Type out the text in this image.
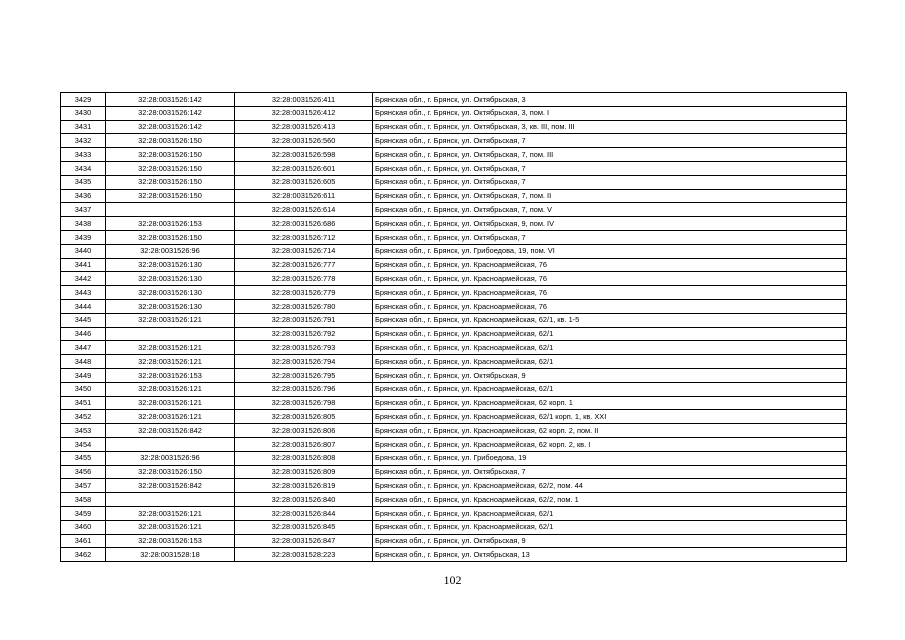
3429	32:28:0031526:142	32:28:0031526:411	Брянская обл., г. Брянск, ул. Октябрьская, 3
3430	32:28:0031526:142	32:28:0031526:412	Брянская обл., г. Брянск, ул. Октябрьская, 3, пом. I
3431	32:28:0031526:142	32:28:0031526:413	Брянская обл., г. Брянск, ул. Октябрьская, 3, кв. III, пом. III
3432	32:28:0031526:150	32:28:0031526:560	Брянская обл., г. Брянск, ул. Октябрьская, 7
3433	32:28:0031526:150	32:28:0031526:598	Брянская обл., г. Брянск, ул. Октябрьская, 7, пом. III
3434	32:28:0031526:150	32:28:0031526:601	Брянская обл., г. Брянск, ул. Октябрьская, 7
3435	32:28:0031526:150	32:28:0031526:605	Брянская обл., г. Брянск, ул. Октябрьская, 7
3436	32:28:0031526:150	32:28:0031526:611	Брянская обл., г. Брянск, ул. Октябрьская, 7, пом. II
3437		32:28:0031526:614	Брянская обл., г. Брянск, ул. Октябрьская, 7, пом. V
3438	32:28:0031526:153	32:28:0031526:686	Брянская обл., г. Брянск, ул. Октябрьская, 9, пом. IV
3439	32:28:0031526:150	32:28:0031526:712	Брянская обл., г. Брянск, ул. Октябрьская, 7
3440	32:28:0031526:96	32:28:0031526:714	Брянская обл., г. Брянск, ул. Грибоедова, 19, пом. VI
3441	32:28:0031526:130	32:28:0031526:777	Брянская обл., г. Брянск, ул. Красноармейская, 76
3442	32:28:0031526:130	32:28:0031526:778	Брянская обл., г. Брянск, ул. Красноармейская, 76
3443	32:28:0031526:130	32:28:0031526:779	Брянская обл., г. Брянск, ул. Красноармейская, 76
3444	32:28:0031526:130	32:28:0031526:780	Брянская обл., г. Брянск, ул. Красноармейская, 76
3445	32:28:0031526:121	32:28:0031526:791	Брянская обл., г. Брянск, ул. Красноармейская, 62/1, кв. 1-5
3446		32:28:0031526:792	Брянская обл., г. Брянск, ул. Красноармейская, 62/1
3447	32:28:0031526:121	32:28:0031526:793	Брянская обл., г. Брянск, ул. Красноармейская, 62/1
3448	32:28:0031526:121	32:28:0031526:794	Брянская обл., г. Брянск, ул. Красноармейская, 62/1
3449	32:28:0031526:153	32:28:0031526:795	Брянская обл., г. Брянск, ул. Октябрьская, 9
3450	32:28:0031526:121	32:28:0031526:796	Брянская обл., г. Брянск, ул. Красноармейская, 62/1
3451	32:28:0031526:121	32:28:0031526:798	Брянская обл., г. Брянск, ул. Красноармейская, 62 корп. 1
3452	32:28:0031526:121	32:28:0031526:805	Брянская обл., г. Брянск, ул. Красноармейская, 62/1 корп. 1, кв. XXI
3453	32:28:0031526:842	32:28:0031526:806	Брянская обл., г. Брянск, ул. Красноармейская, 62 корп. 2, пом. II
3454		32:28:0031526:807	Брянская обл., г. Брянск, ул. Красноармейская, 62 корп. 2, кв. I
3455	32:28:0031526:96	32:28:0031526:808	Брянская обл., г. Брянск, ул. Грибоедова, 19
3456	32:28:0031526:150	32:28:0031526:809	Брянская обл., г. Брянск, ул. Октябрьская, 7
3457	32:28:0031526:842	32:28:0031526:819	Брянская обл., г. Брянск, ул. Красноармейская, 62/2, пом. 44
3458		32:28:0031526:840	Брянская обл., г. Брянск, ул. Красноармейская, 62/2, пом. 1
3459	32:28:0031526:121	32:28:0031526:844	Брянская обл., г. Брянск, ул. Красноармейская, 62/1
3460	32:28:0031526:121	32:28:0031526:845	Брянская обл., г. Брянск, ул. Красноармейская, 62/1
3461	32:28:0031526:153	32:28:0031526:847	Брянская обл., г. Брянск, ул. Октябрьская, 9
3462	32:28:0031528:18	32:28:0031528:223	Брянская обл., г. Брянск, ул. Октябрьская, 13
102
